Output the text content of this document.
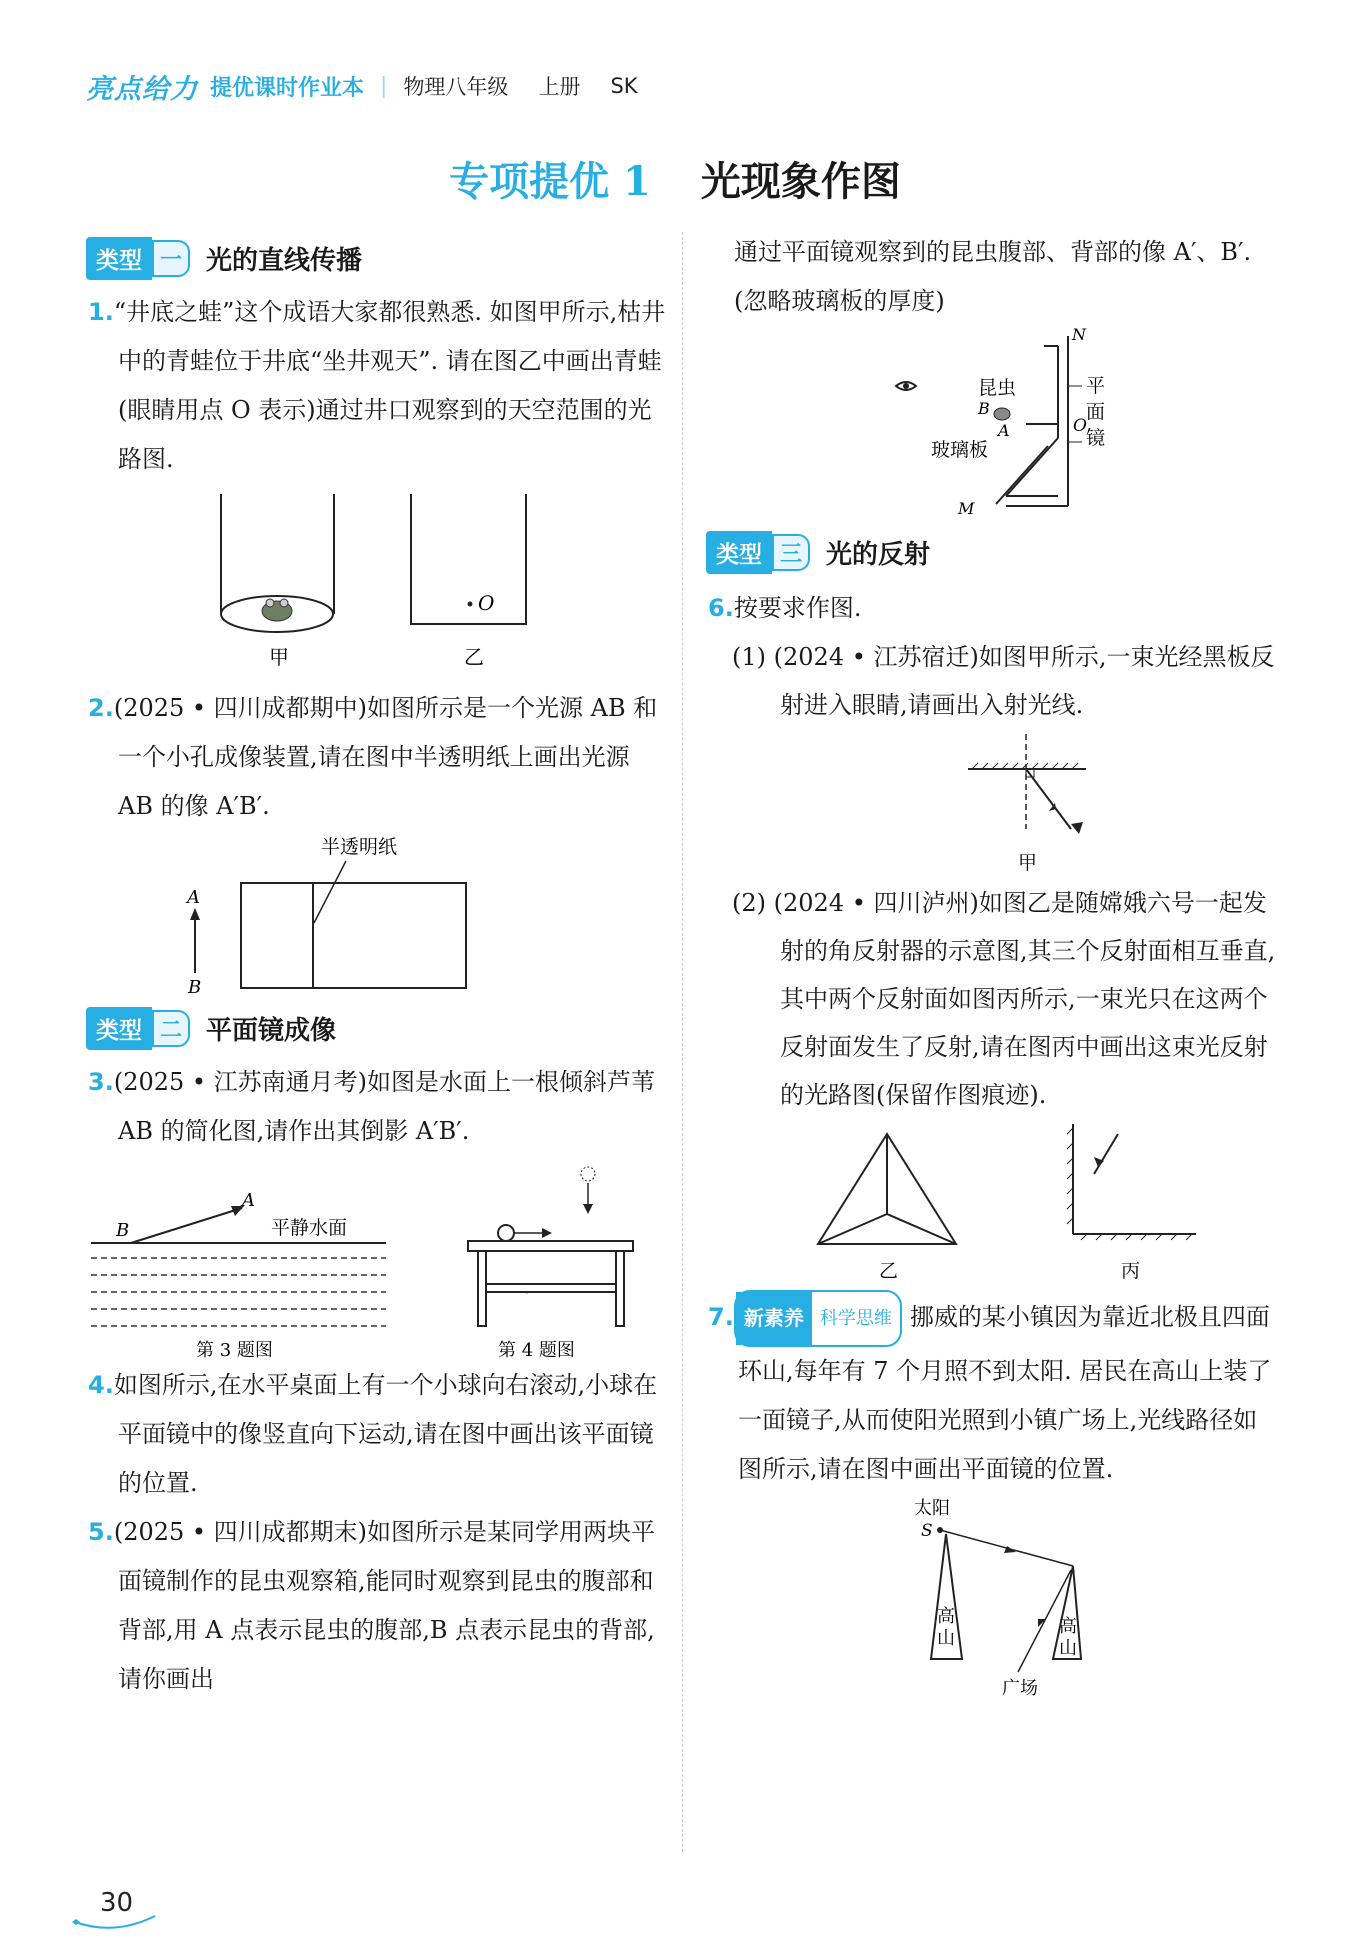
亮点给力 提优课时作业本 | 物理八年级 上册 SK
专项提优 1 光现象作图
类型 一 光的直线传播

1.“井底之蛙”这个成语大家都很熟悉. 如图甲所示,枯井中的青蛙位于井底“坐井观天”. 请在图乙中画出青蛙(眼睛用点 O 表示)通过井口观察到的天空范围的光路图.

甲
O
乙

2.(2025 • 四川成都期中)如图所示是一个光源 AB 和一个小孔成像装置,请在图中半透明纸上画出光源 AB 的像 A′B′.

半透明纸
A
B
类型 二 平面镜成像

3.(2025 • 江苏南通月考)如图是水面上一根倾斜芦苇 AB 的简化图,请作出其倒影 A′B′.

A
B	平静水面
第 3 题图	第 4 题图

4.如图所示,在水平桌面上有一个小球向右滚动,小球在平面镜中的像竖直向下运动,请在图中画出该平面镜的位置.

5.(2025 • 四川成都期末)如图所示是某同学用两块平面镜制作的昆虫观察箱,能同时观察到昆虫的腹部和背部,用 A 点表示昆虫的腹部,B 点表示昆虫的背部,请你画出

通过平面镜观察到的昆虫腹部、背部的像 A′、B′. (忽略玻璃板的厚度)

N
昆虫
B
A	O
玻璃板
平
面
镜
M
类型 三 光的反射

6.按要求作图.

(1) (2024 • 江苏宿迁)如图甲所示,一束光经黑板反射进入眼睛,请画出入射光线.

甲

(2) (2024 • 四川泸州)如图乙是随嫦娥六号一起发射的角反射器的示意图,其三个反射面相互垂直,其中两个反射面如图丙所示,一束光只在这两个反射面发生了反射,请在图丙中画出这束光反射的光路图(保留作图痕迹).

乙	丙

7. 新素养 科学思维 挪威的某小镇因为靠近北极且四面环山,每年有 7 个月照不到太阳. 居民在高山上装了一面镜子,从而使阳光照到小镇广场上,光线路径如图所示,请在图中画出平面镜的位置.

太阳
S
高山
高山
广场
高山
30
